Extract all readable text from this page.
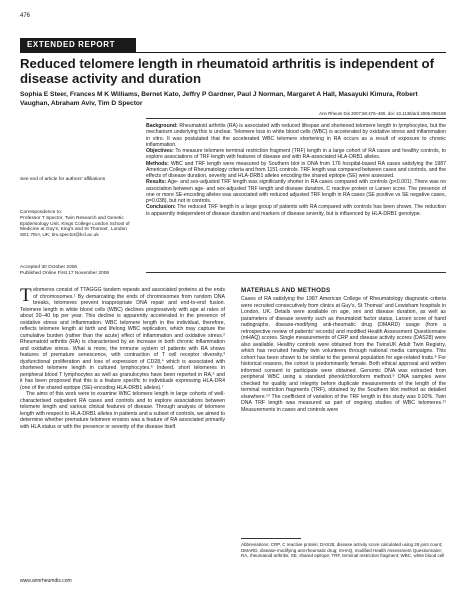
476
EXTENDED REPORT
Reduced telomere length in rheumatoid arthritis is independent of disease activity and duration
Sophia E Steer, Frances M K Williams, Bernet Kato, Jeffry P Gardner, Paul J Norman, Margaret A Hall, Masayuki Kimura, Robert Vaughan, Abraham Aviv, Tim D Spector
Ann Rheum Dis 2007;66:476–480. doi: 10.1136/ard.2006.059188
See end of article for authors' affiliations
Correspondence to:
Professor T Spector, Twin Research and Genetic Epidemiology Unit, Kings College London School of Medicine at Guy's, King's and St Thomas', London SE1 7EH, UK; tim.spector@kcl.ac.uk
Accepted 30 October 2006
Published Online First 17 November 2006

Background: Rheumatoid arthritis (RA) is associated with reduced lifespan and shortened telomere length in lymphocytes, but the mechanism underlying this is unclear. Telomere loss in white blood cells (WBC) is accelerated by oxidative stress and inflammation in vitro. It was postulated that the accelerated WBC telomere shortening in RA occurs as a result of exposure to chronic inflammation.

Objectives: To measure telomere terminal restriction fragment (TRF) length in a large cohort of RA cases and healthy controls, to explore associations of TRF length with features of disease and with RA-associated HLA-DRB1 alleles.

Methods: WBC and TRF length were measured by Southern blot in DNA from 176 hospital-based RA cases satisfying the 1987 American College of Rheumatology criteria and from 1151 controls. TRF length was compared between cases and controls, and the effects of disease duration, severity and HLA-DRB1 alleles encoding the shared epitope (SE) were assessed.

Results: Age- and sex-adjusted TRF length was significantly shorter in RA cases compared with controls (p<0.001). There was no association between age- and sex-adjusted TRF length and disease duration, C reactive protein or Larsen score. The presence of one or more SE-encoding alleles was associated with reduced adjusted TRF length in RA cases (SE positive vs SE negative cases, p=0.038), but not in controls.

Conclusion: The reduced TRF length in a large group of patients with RA compared with controls has been shown. The reduction is apparently independent of disease duration and markers of disease severity, but is influenced by HLA-DRB1 genotype.

Telomeres consist of TTAGGG tandem repeats and associated proteins at the ends of chromosomes.¹ By demarcating the ends of chromosomes from random DNA breaks, telomeres prevent inappropriate DNA repair and end-to-end fusion. Telomere length in white blood cells (WBC) declines progressively with age at rates of about 20–40 bp per year. This decline is apparently accelerated in the presence of oxidative stress and inflammation. WBC telomere length in the individual, therefore, reflects telomere length at birth and lifelong WBC replication, which may capture the cumulative burden (rather than the acute) effect of inflammation and oxidative stress.² Rheumatoid arthritis (RA) is characterised by an increase in both chronic inflammation and oxidative stress. What is more, the immune system of patients with RA shows features of premature senescence, with contraction of T cell receptor diversity,³ dysfunctional proliferation and loss of expression of CD28,⁴ which is associated with shortened telomere length in cultured lymphocytes.⁵ Indeed, short telomeres in peripheral blood T lymphocytes as well as granulocytes have been reported in RA,⁶ and it has been proposed that this is a feature specific to individuals expressing HLA-DR4 (one of the shared epitope (SE)-encoding HLA-DRB1 alleles).⁷

The aims of this work were to examine WBC telomere length in large cohorts of well-characterised outpatient RA cases and controls and to explore associations between telomere length and various clinical features of disease. Through analysis of telomere length with respect to HLA-DRB1 alleles in patients and a subset of controls, we aimed to determine whether premature telomere erosion was a feature of RA associated primarily with HLA status or with the presence or severity of the disease itself.

MATERIALS AND METHODS

Cases of RA satisfying the 1987 American College of Rheumatology diagnostic criteria were recruited consecutively from clinics at Guy's, St Thomas' and Lewisham hospitals in London, UK. Details were available on age, sex and disease duration, as well as parameters of disease severity such as rheumatoid factor status, Larsen score of hand radiographs, disease-modifying anti-rheumatic drug (DMARD) usage (from a retrospective review of patients' records) and modified Health Assessment Questionnaire (mHAQ) scores. Single measurements of CRP and disease activity scores (DAS28) were also available. Healthy controls were obtained from the TwinsUK Adult Twin Registry, which has recruited healthy twin volunteers through national media campaigns. This cohort has been shown to be similar to the general population for age-related traits.⁸ For historical reasons, the cohort is predominantly female. Both ethical approval and written informed consent to participate were obtained. Genomic DNA was extracted from peripheral WBC using a standard phenol/chloroform method.⁹ DNA samples were checked for quality and integrity before duplicate measurements of the length of the terminal restriction fragments (TRF), obtained by the Southern blot method as detailed elsewhere.¹⁰ The coefficient of variation of the TRF length in this study was 0.92%. Twin DNA TRF length was measured as part of ongoing studies of WBC telomeres.¹¹ Measurements in cases and controls were

Abbreviations: CRP, C reactive protein; DAS28, disease activity score calculated using 28 joint count; DMARD, disease-modifying anti-rheumatic drug; mHAQ, modified Health Assessment Questionnaire; RA, rheumatoid arthritis; SE, shared epitope; TRF, terminal restriction fragment; WBC, white blood cell
www.annrheumdis.com
